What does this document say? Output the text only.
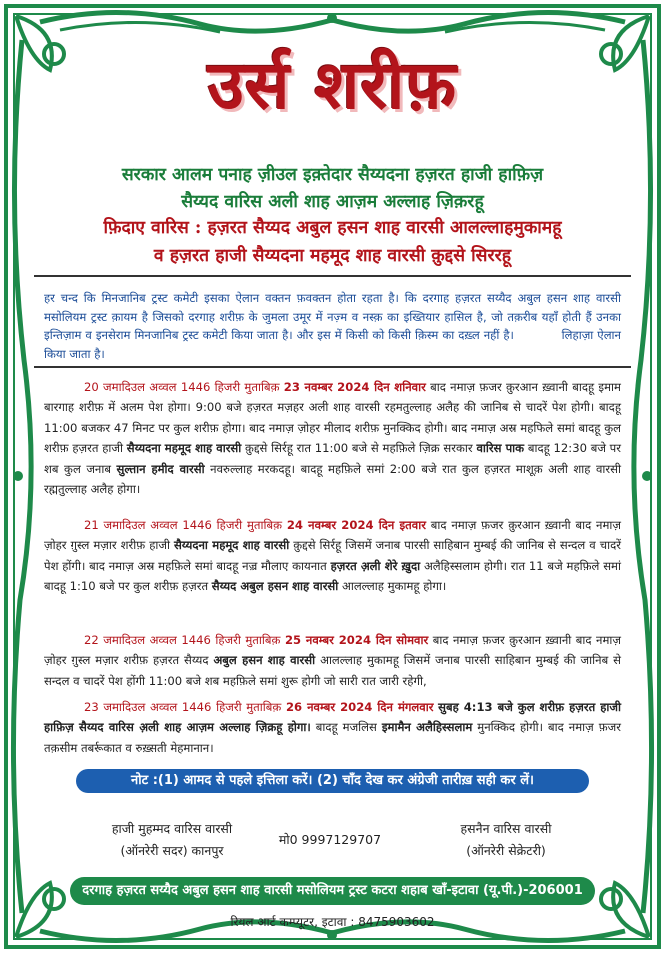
उर्स शरीफ़
सरकार आलम पनाह ज़ीउल इक़्तेदार सैय्यदना हज़रत हाजी हाफ़िज़
सैय्यद वारिस अली शाह आज़म अल्लाह ज़िक़रहू
फ़िदाए वारिस : हज़रत सैय्यद अबुल हसन शाह वारसी आलल्लाहमुकामहू
व हज़रत हाजी सैय्यदना महमूद शाह वारसी क़ुद्दसे सिररहू
हर चन्द कि मिनजानिब ट्रस्ट कमेटी इसका ऐलान वक्तन फ़वक्तन होता रहता है। कि दरगाह हज़रत सय्यैद अबुल हसन शाह वारसी मसोलियम ट्रस्ट क़ायम है जिसको दरगाह शरीफ़ के जुमला उमूर में नज़्म व नस्क़ का इख्तियार हासिल है, जो तक़रीब यहाँ होती हैं उनका इन्तिज़ाम व इनसेराम मिनजानिब ट्रस्ट कमेटी किया जाता है। और इस में किसी को किसी क़िस्म का दख़्ल नहीं है।	लिहाज़ा ऐलान किया जाता है।
20 जमादिउल अव्वल 1446 हिजरी मुताबिक़ 23 नवम्बर 2024 दिन शनिवार बाद नमाज़ फ़जर क़ुरआन ख़्वानी बादहू इमाम बारगाह शरीफ़ में अलम पेश होगा। 9:00 बजे हज़रत मज़हर अली शाह वारसी रहमतुल्लाह अलैह की जानिब से चादरें पेश होगी। बादहू 11:00 बजकर 47 मिनट पर कुल शरीफ़ होगा। बाद नमाज़ ज़ोहर मीलाद शरीफ़ मुनक्किद होगी। बाद नमाज़ अस्र महफिले समां बादहू कुल शरीफ़ हज़रत हाजी सैय्यदना महमूद शाह वारसी क़ुद्दसे सिर्रहू रात 11:00 बजे से महफ़िले ज़िक्र सरकार वारिस पाक बादहू 12:30 बजे पर शब कुल जनाब सुल्तान हमीद वारसी नवरुल्लाह मरकदहू। बादहू महफ़िले समां 2:00 बजे रात कुल हज़रत माशूक़ अली शाह वारसी रह्मतुल्लाह अलैह होगा।
21 जमादिउल अव्वल 1446 हिजरी मुताबिक़ 24 नवम्बर 2024 दिन इतवार बाद नमाज़ फ़जर क़ुरआन ख़्वानी बाद नमाज़ ज़ोहर ग़ुस्ल मज़ार शरीफ़ हाजी सैय्यदना महमूद शाह वारसी क़ुद्दसे सिर्रहू जिसमें जनाब पारसी साहिबान मुम्बई की जानिब से सन्दल व चादरें पेश होंगी। बाद नमाज़ अस्र महफ़िले समां बादहू नज़्र मौलाए कायनात हज़रत अ़ली शेरे ख़ुदा अलैहिस्सलाम होगी। रात 11 बजे महफ़िले समां बादहू 1:10 बजे पर कुल शरीफ़ हज़रत सैय्यद अबुल हसन शाह वारसी आलल्लाह मुकामहू होगा।
22 जमादिउल अव्वल 1446 हिजरी मुताबिक़ 25 नवम्बर 2024 दिन सोमवार बाद नमाज़ फ़जर क़ुरआन ख़्वानी बाद नमाज़ ज़ोहर ग़ुस्ल मज़ार शरीफ़ हज़रत सैय्यद अबुल हसन शाह वारसी आलल्लाह मुकामहू जिसमें जनाब पारसी साहिबान मुम्बई की जानिब से सन्दल व चादरें पेश होंगी 11:00 बजे शब महफ़िले समां शुरू होगी जो सारी रात जारी रहेगी,
23 जमादिउल अव्वल 1446 हिजरी मुताबिक़ 26 नवम्बर 2024 दिन मंगलवार सुबह 4:13 बजे कुल शरीफ़ हज़रत हाजी हाफ़िज़ सैय्यद वारिस अ़ली शाह आज़म अल्लाह ज़िक्रहू होगा। बादहू मजलिस इमामैन अलैहिस्सलाम मुनक्किद होगी। बाद नमाज़ फ़जर तक़सीम तबर्रूकात व रुख़्सती मेहमानान।
नोट :(1) आमद से पहले इत्तिला करें। (2) चाँद देख कर अंग्रेजी तारीख़ सही कर लें।
हाजी मुहम्मद वारिस वारसी
(ऑनरेरी सदर) कानपुर
मो0 9997129707
हसनैन वारिस वारसी
(ऑनरेरी सेक्रेटरी)
दरगाह हज़रत सय्यैद अबुल हसन शाह वारसी मसोलियम ट्रस्ट कटरा शहाब खाँ-इटावा (यू.पी.)-206001
रियल आर्ट कम्प्यूटर, इटावा : 8475903602
